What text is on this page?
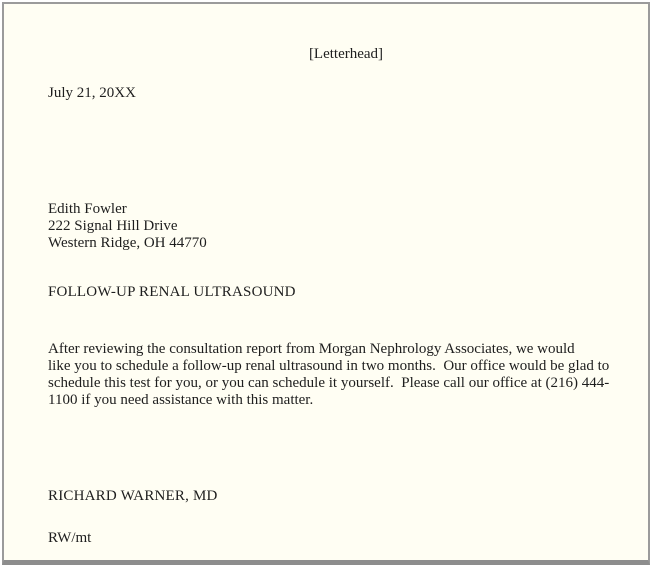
[Letterhead]
July 21, 20XX
Edith Fowler
222 Signal Hill Drive
Western Ridge, OH 44770
FOLLOW-UP RENAL ULTRASOUND
After reviewing the consultation report from Morgan Nephrology Associates, we would
like you to schedule a follow-up renal ultrasound in two months.  Our office would be glad to
schedule this test for you, or you can schedule it yourself.  Please call our office at (216) 444-
1100 if you need assistance with this matter.
RICHARD WARNER, MD
RW/mt
